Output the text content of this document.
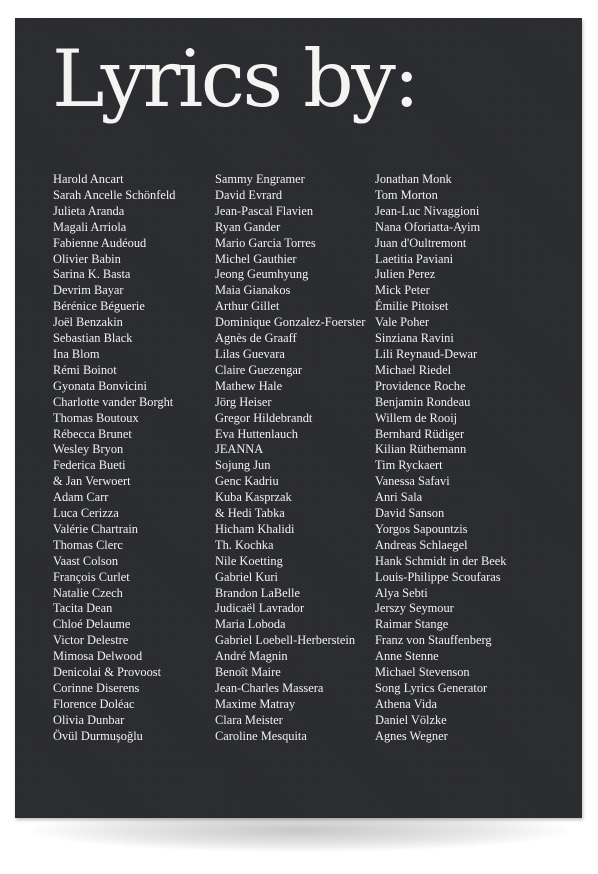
Lyrics by:
Harold Ancart
Sarah Ancelle Schönfeld
Julieta Aranda
Magali Arriola
Fabienne Audéoud
Olivier Babin
Sarina K. Basta
Devrim Bayar
Bérénice Béguerie
Joël Benzakin
Sebastian Black
Ina Blom
Rémi Boinot
Gyonata Bonvicini
Charlotte vander Borght
Thomas Boutoux
Rébecca Brunet
Wesley Bryon
Federica Bueti
& Jan Verwoert
Adam Carr
Luca Cerizza
Valérie Chartrain
Thomas Clerc
Vaast Colson
François Curlet
Natalie Czech
Tacita Dean
Chloé Delaume
Victor Delestre
Mimosa Delwood
Denicolai & Provoost
Corinne Diserens
Florence Doléac
Olivia Dunbar
Övül Durmuşoğlu
Sammy Engramer
David Evrard
Jean-Pascal Flavien
Ryan Gander
Mario Garcia Torres
Michel Gauthier
Jeong Geumhyung
Maia Gianakos
Arthur Gillet
Dominique Gonzalez-Foerster
Agnès de Graaff
Lilas Guevara
Claire Guezengar
Mathew Hale
Jörg Heiser
Gregor Hildebrandt
Eva Huttenlauch
JEANNA
Sojung Jun
Genc Kadriu
Kuba Kasprzak
& Hedi Tabka
Hicham Khalidi
Th. Kochka
Nile Koetting
Gabriel Kuri
Brandon LaBelle
Judicaël Lavrador
Maria Loboda
Gabriel Loebell-Herberstein
André Magnin
Benoît Maire
Jean-Charles Massera
Maxime Matray
Clara Meister
Caroline Mesquita
Jonathan Monk
Tom Morton
Jean-Luc Nivaggioni
Nana Oforiatta-Ayim
Juan d'Oultremont
Laetitia Paviani
Julien Perez
Mick Peter
Émilie Pitoiset
Vale Poher
Sinziana Ravini
Lili Reynaud-Dewar
Michael Riedel
Providence Roche
Benjamin Rondeau
Willem de Rooij
Bernhard Rüdiger
Kilian Rüthemann
Tim Ryckaert
Vanessa Safavi
Anri Sala
David Sanson
Yorgos Sapountzis
Andreas Schlaegel
Hank Schmidt in der Beek
Louis-Philippe Scoufaras
Alya Sebti
Jerszy Seymour
Raimar Stange
Franz von Stauffenberg
Anne Stenne
Michael Stevenson
Song Lyrics Generator
Athena Vida
Daniel Völzke
Agnes Wegner
